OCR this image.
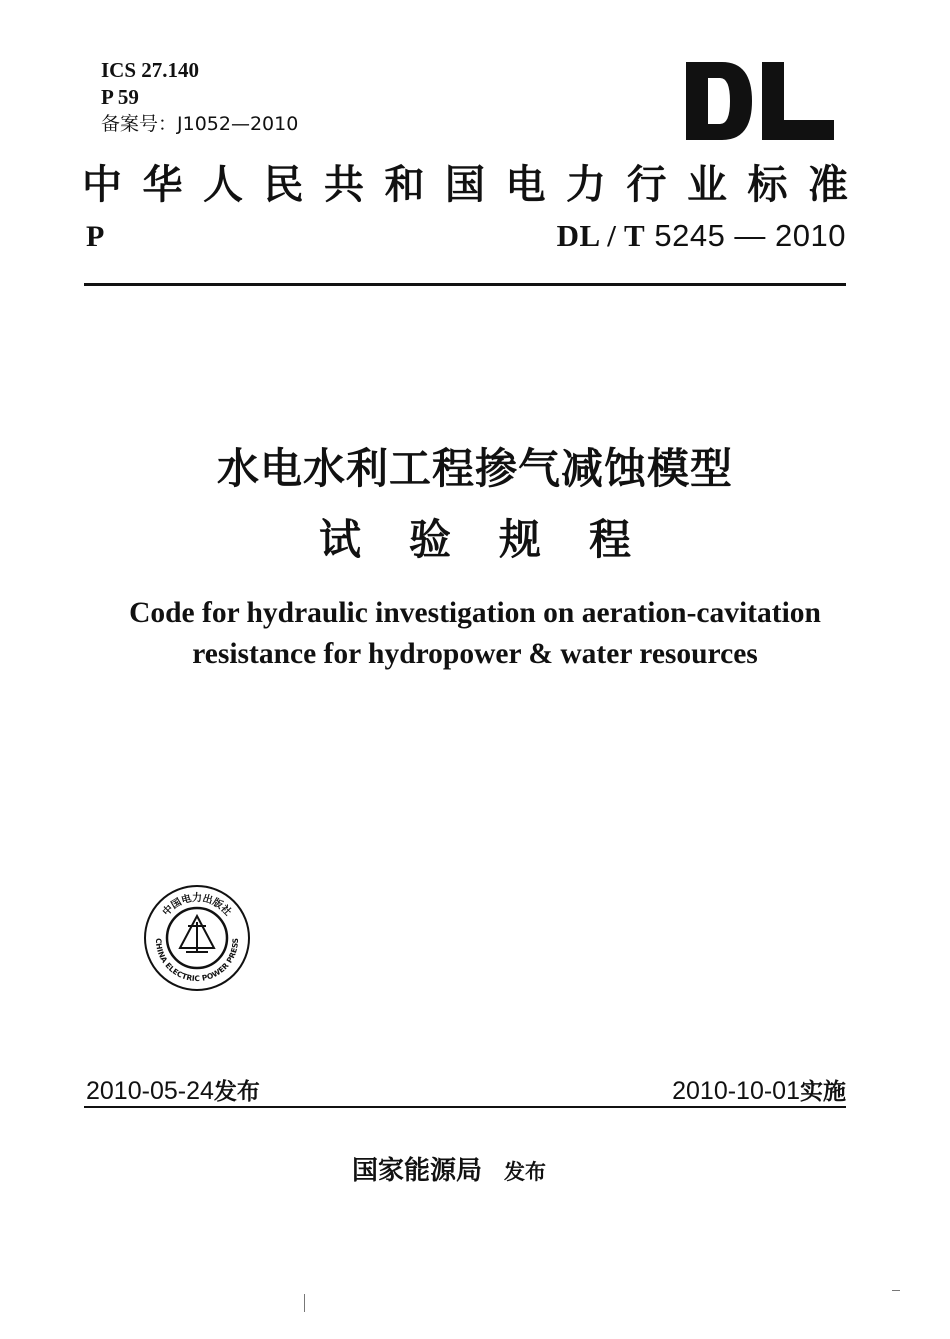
ICS 27.140
P 59
备案号：J1052—2010
中 华 人 民 共 和 国 电 力 行 业 标 准
P	DL / T 5245 — 2010
水电水利工程掺气减蚀模型
试验规程
Code for hydraulic investigation on aeration-cavitation
resistance for hydropower & water resources
中国电力出版社
CHINA ELECTRIC POWER PRESS
2010-05-24发布	2010-10-01实施
国家能源局 发布
